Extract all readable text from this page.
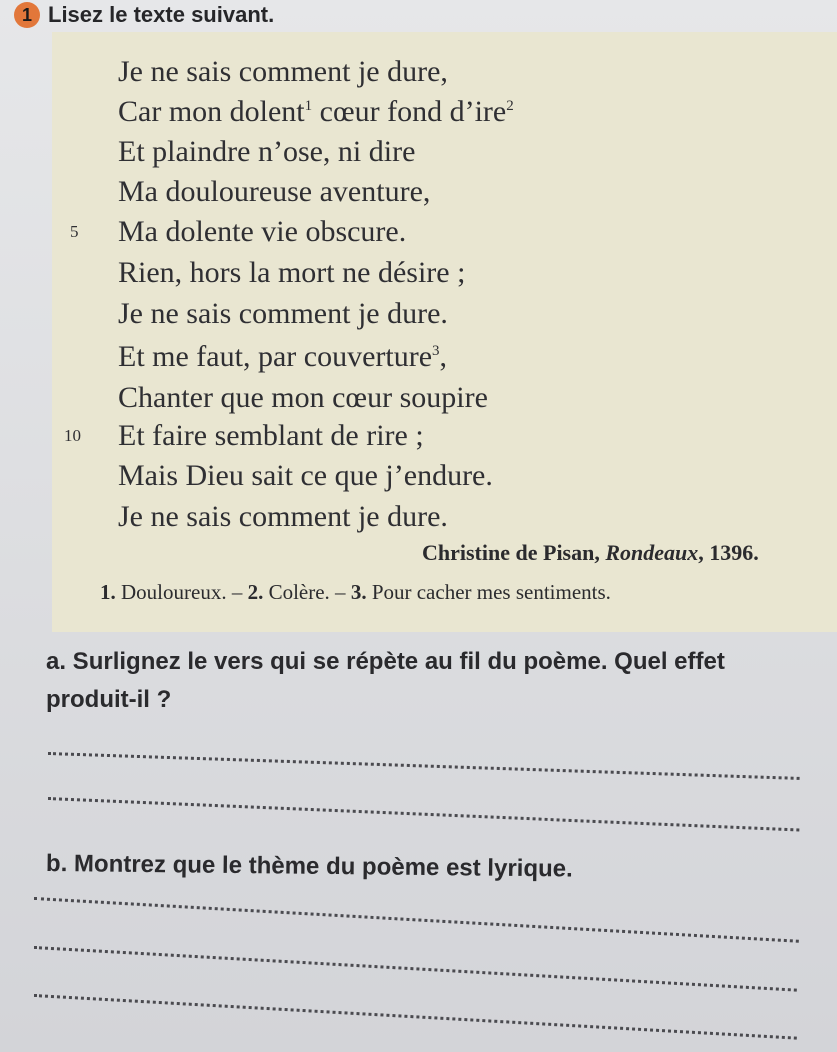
1 Lisez le texte suivant.
Je ne sais comment je dure,
Car mon dolent$^1$ cœur fond d’ire$^2$
Et plaindre n’ose, ni dire
Ma douloureuse aventure,
5 Ma dolente vie obscure.
Rien, hors la mort ne désire ;
Je ne sais comment je dure.
Et me faut, par couverture$^3$,
Chanter que mon cœur soupire
10 Et faire semblant de rire ;
Mais Dieu sait ce que j’endure.
Je ne sais comment je dure.
Christine de Pisan, Rondeaux, 1396.
1. Douloureux. – 2. Colère. – 3. Pour cacher mes sentiments.
a. Surlignez le vers qui se répète au fil du poème. Quel effet
produit-il ?
b. Montrez que le thème du poème est lyrique.
